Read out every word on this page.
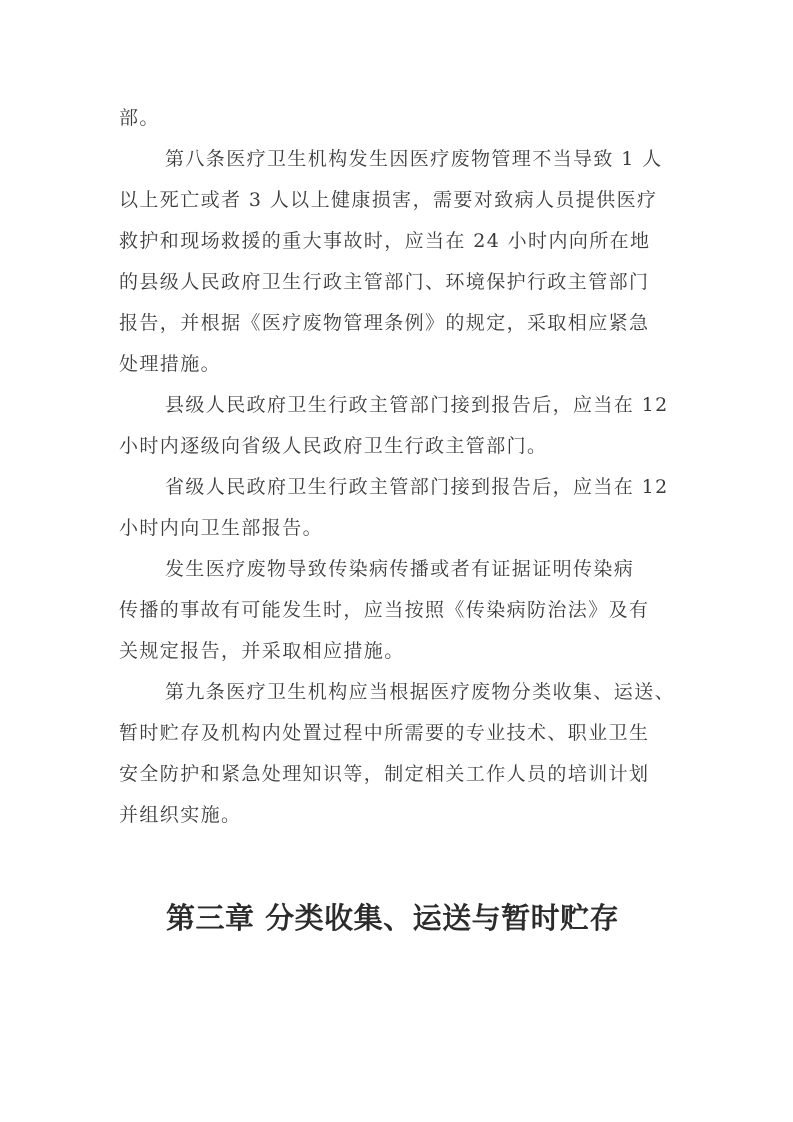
部。
第八条医疗卫生机构发生因医疗废物管理不当导致 1 人
以上死亡或者 3 人以上健康损害，需要对致病人员提供医疗
救护和现场救援的重大事故时，应当在 24 小时内向所在地
的县级人民政府卫生行政主管部门、环境保护行政主管部门
报告，并根据《医疗废物管理条例》的规定，采取相应紧急
处理措施。
县级人民政府卫生行政主管部门接到报告后，应当在 12
小时内逐级向省级人民政府卫生行政主管部门。
省级人民政府卫生行政主管部门接到报告后，应当在 12
小时内向卫生部报告。
发生医疗废物导致传染病传播或者有证据证明传染病
传播的事故有可能发生时，应当按照《传染病防治法》及有
关规定报告，并采取相应措施。
第九条医疗卫生机构应当根据医疗废物分类收集、运送、
暂时贮存及机构内处置过程中所需要的专业技术、职业卫生
安全防护和紧急处理知识等，制定相关工作人员的培训计划
并组织实施。
第三章 分类收集、运送与暂时贮存
